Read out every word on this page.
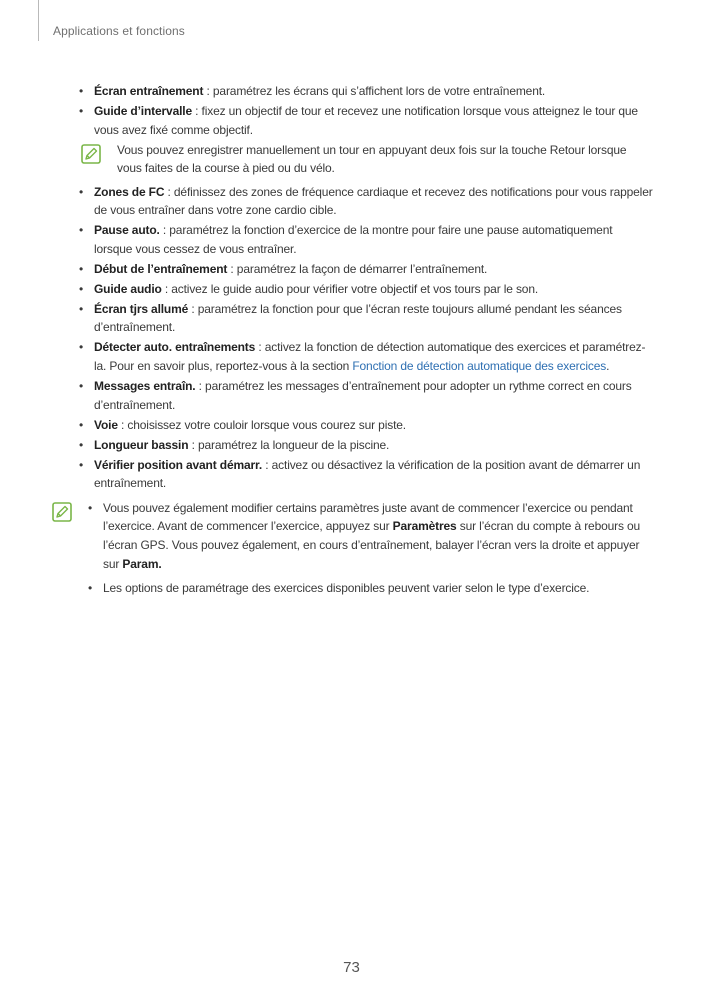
Applications et fonctions
• Écran entraînement : paramétrez les écrans qui s’affichent lors de votre entraînement.
• Guide d’intervalle : fixez un objectif de tour et recevez une notification lorsque vous atteignez le tour que vous avez fixé comme objectif.
Vous pouvez enregistrer manuellement un tour en appuyant deux fois sur la touche Retour lorsque vous faites de la course à pied ou du vélo.
• Zones de FC : définissez des zones de fréquence cardiaque et recevez des notifications pour vous rappeler de vous entraîner dans votre zone cardio cible.
• Pause auto. : paramétrez la fonction d’exercice de la montre pour faire une pause automatiquement lorsque vous cessez de vous entraîner.
• Début de l’entraînement : paramétrez la façon de démarrer l’entraînement.
• Guide audio : activez le guide audio pour vérifier votre objectif et vos tours par le son.
• Écran tjrs allumé : paramétrez la fonction pour que l’écran reste toujours allumé pendant les séances d’entraînement.
• Détecter auto. entraînements : activez la fonction de détection automatique des exercices et paramétrez-la. Pour en savoir plus, reportez-vous à la section Fonction de détection automatique des exercices.
• Messages entraîn. : paramétrez les messages d’entraînement pour adopter un rythme correct en cours d’entraînement.
• Voie : choisissez votre couloir lorsque vous courez sur piste.
• Longueur bassin : paramétrez la longueur de la piscine.
• Vérifier position avant démarr. : activez ou désactivez la vérification de la position avant de démarrer un entraînement.
• Vous pouvez également modifier certains paramètres juste avant de commencer l’exercice ou pendant l’exercice. Avant de commencer l’exercice, appuyez sur Paramètres sur l’écran du compte à rebours ou l’écran GPS. Vous pouvez également, en cours d’entraînement, balayer l’écran vers la droite et appuyer sur Param.
• Les options de paramétrage des exercices disponibles peuvent varier selon le type d’exercice.
73
